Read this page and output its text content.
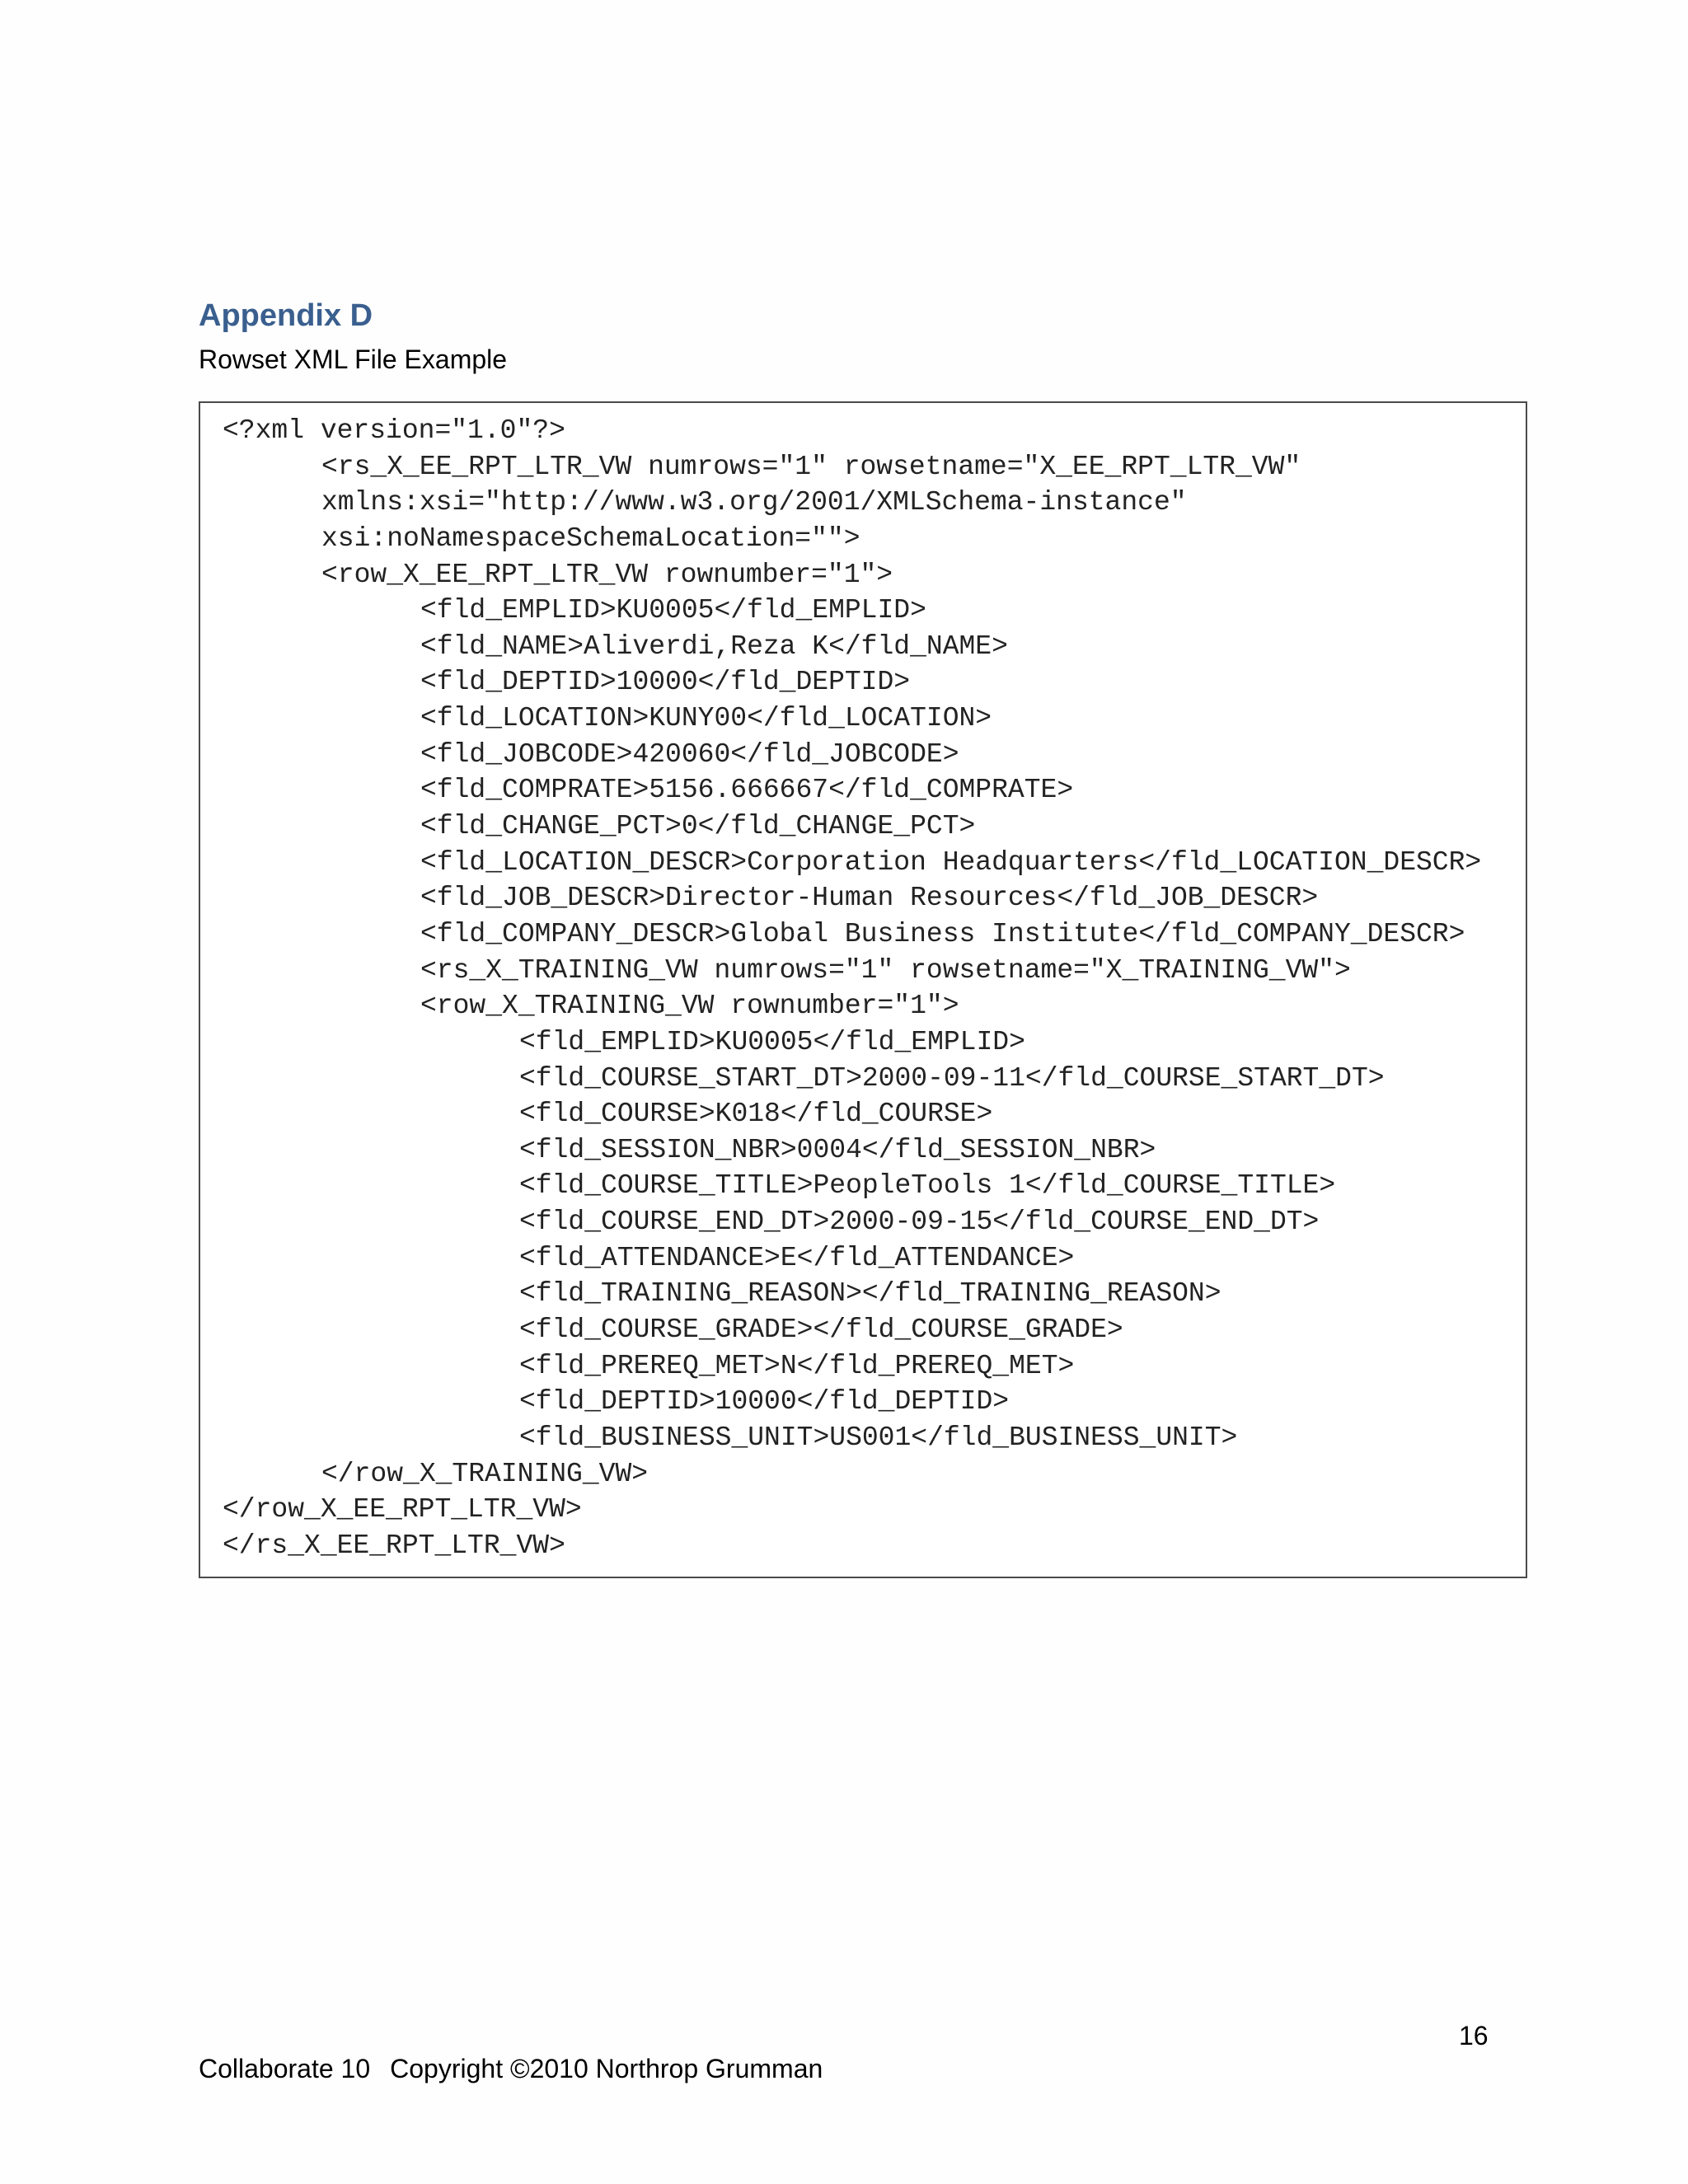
Appendix D
Rowset XML File Example
<?xml version="1.0"?>
<rs_X_EE_RPT_LTR_VW numrows="1" rowsetname="X_EE_RPT_LTR_VW"
xmlns:xsi="http://www.w3.org/2001/XMLSchema-instance"
xsi:noNamespaceSchemaLocation="">
<row_X_EE_RPT_LTR_VW rownumber="1">
<fld_EMPLID>KU0005</fld_EMPLID>
<fld_NAME>Aliverdi,Reza K</fld_NAME>
<fld_DEPTID>10000</fld_DEPTID>
<fld_LOCATION>KUNY00</fld_LOCATION>
<fld_JOBCODE>420060</fld_JOBCODE>
<fld_COMPRATE>5156.666667</fld_COMPRATE>
<fld_CHANGE_PCT>0</fld_CHANGE_PCT>
<fld_LOCATION_DESCR>Corporation Headquarters</fld_LOCATION_DESCR>
<fld_JOB_DESCR>Director-Human Resources</fld_JOB_DESCR>
<fld_COMPANY_DESCR>Global Business Institute</fld_COMPANY_DESCR>
<rs_X_TRAINING_VW numrows="1" rowsetname="X_TRAINING_VW">
<row_X_TRAINING_VW rownumber="1">
<fld_EMPLID>KU0005</fld_EMPLID>
<fld_COURSE_START_DT>2000-09-11</fld_COURSE_START_DT>
<fld_COURSE>K018</fld_COURSE>
<fld_SESSION_NBR>0004</fld_SESSION_NBR>
<fld_COURSE_TITLE>PeopleTools 1</fld_COURSE_TITLE>
<fld_COURSE_END_DT>2000-09-15</fld_COURSE_END_DT>
<fld_ATTENDANCE>E</fld_ATTENDANCE>
<fld_TRAINING_REASON></fld_TRAINING_REASON>
<fld_COURSE_GRADE></fld_COURSE_GRADE>
<fld_PREREQ_MET>N</fld_PREREQ_MET>
<fld_DEPTID>10000</fld_DEPTID>
<fld_BUSINESS_UNIT>US001</fld_BUSINESS_UNIT>
</row_X_TRAINING_VW>
</row_X_EE_RPT_LTR_VW>
</rs_X_EE_RPT_LTR_VW>
16
Collaborate 10 Copyright ©2010 Northrop Grumman
